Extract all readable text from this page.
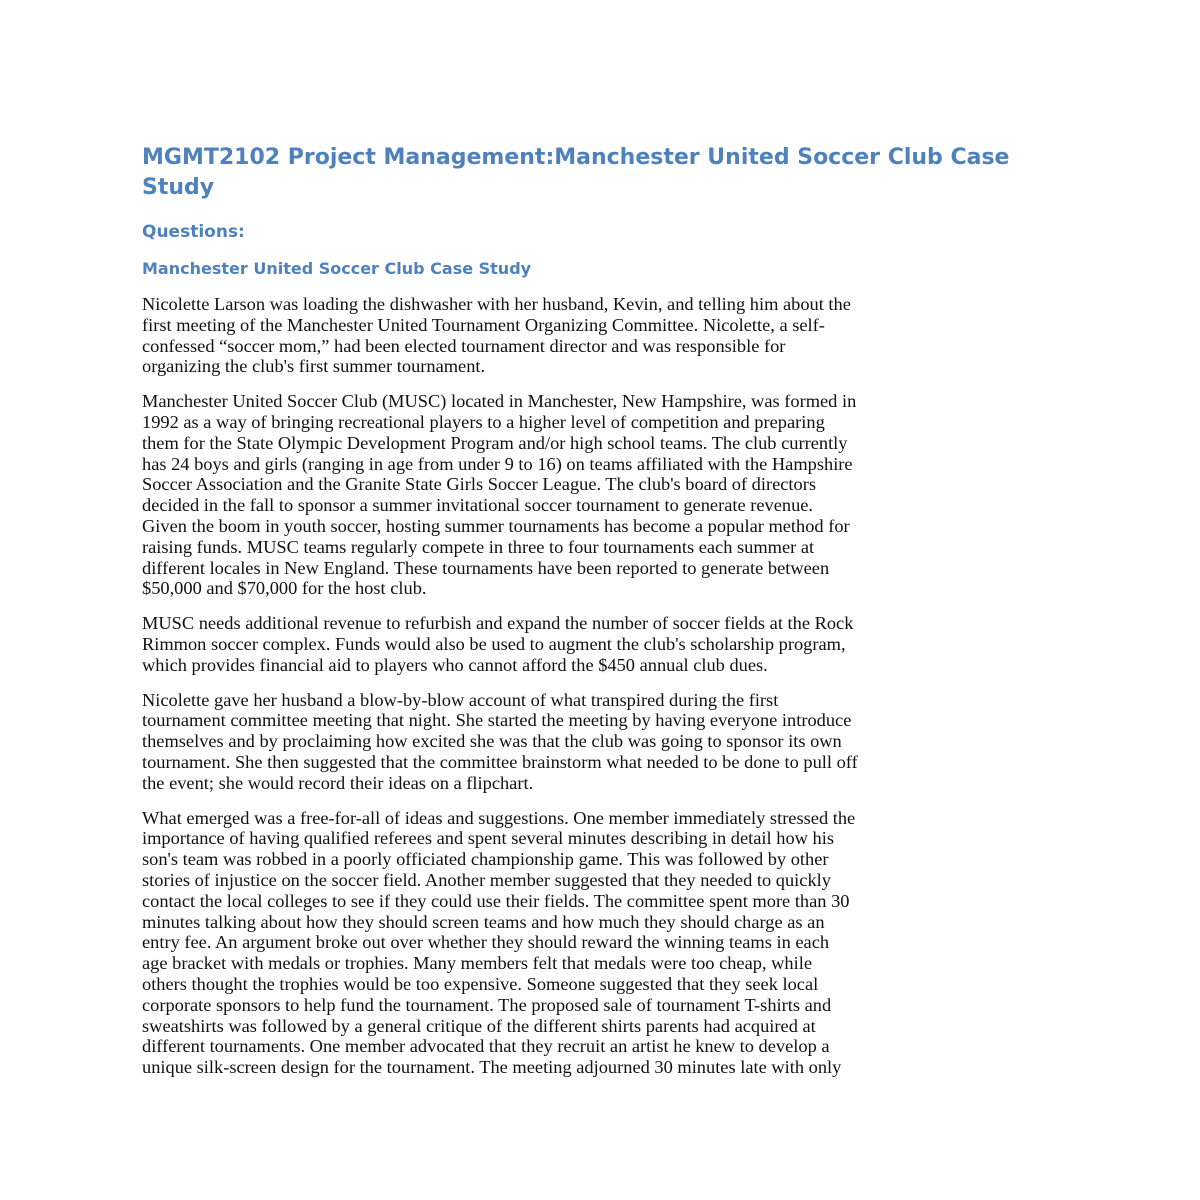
MGMT2102 Project Management:Manchester United Soccer Club Case Study
Questions:
Manchester United Soccer Club Case Study

Nicolette Larson was loading the dishwasher with her husband, Kevin, and telling him about the
first meeting of the Manchester United Tournament Organizing Committee. Nicolette, a self-
confessed “soccer mom,” had been elected tournament director and was responsible for
organizing the club's first summer tournament.

Manchester United Soccer Club (MUSC) located in Manchester, New Hampshire, was formed in
1992 as a way of bringing recreational players to a higher level of competition and preparing
them for the State Olympic Development Program and/or high school teams. The club currently
has 24 boys and girls (ranging in age from under 9 to 16) on teams affiliated with the Hampshire
Soccer Association and the Granite State Girls Soccer League. The club's board of directors
decided in the fall to sponsor a summer invitational soccer tournament to generate revenue.
Given the boom in youth soccer, hosting summer tournaments has become a popular method for
raising funds. MUSC teams regularly compete in three to four tournaments each summer at
different locales in New England. These tournaments have been reported to generate between
$50,000 and $70,000 for the host club.

MUSC needs additional revenue to refurbish and expand the number of soccer fields at the Rock
Rimmon soccer complex. Funds would also be used to augment the club's scholarship program,
which provides financial aid to players who cannot afford the $450 annual club dues.

Nicolette gave her husband a blow-by-blow account of what transpired during the first
tournament committee meeting that night. She started the meeting by having everyone introduce
themselves and by proclaiming how excited she was that the club was going to sponsor its own
tournament. She then suggested that the committee brainstorm what needed to be done to pull off
the event; she would record their ideas on a flipchart.

What emerged was a free-for-all of ideas and suggestions. One member immediately stressed the
importance of having qualified referees and spent several minutes describing in detail how his
son's team was robbed in a poorly officiated championship game. This was followed by other
stories of injustice on the soccer field. Another member suggested that they needed to quickly
contact the local colleges to see if they could use their fields. The committee spent more than 30
minutes talking about how they should screen teams and how much they should charge as an
entry fee. An argument broke out over whether they should reward the winning teams in each
age bracket with medals or trophies. Many members felt that medals were too cheap, while
others thought the trophies would be too expensive. Someone suggested that they seek local
corporate sponsors to help fund the tournament. The proposed sale of tournament T-shirts and
sweatshirts was followed by a general critique of the different shirts parents had acquired at
different tournaments. One member advocated that they recruit an artist he knew to develop a
unique silk-screen design for the tournament. The meeting adjourned 30 minutes late with only
